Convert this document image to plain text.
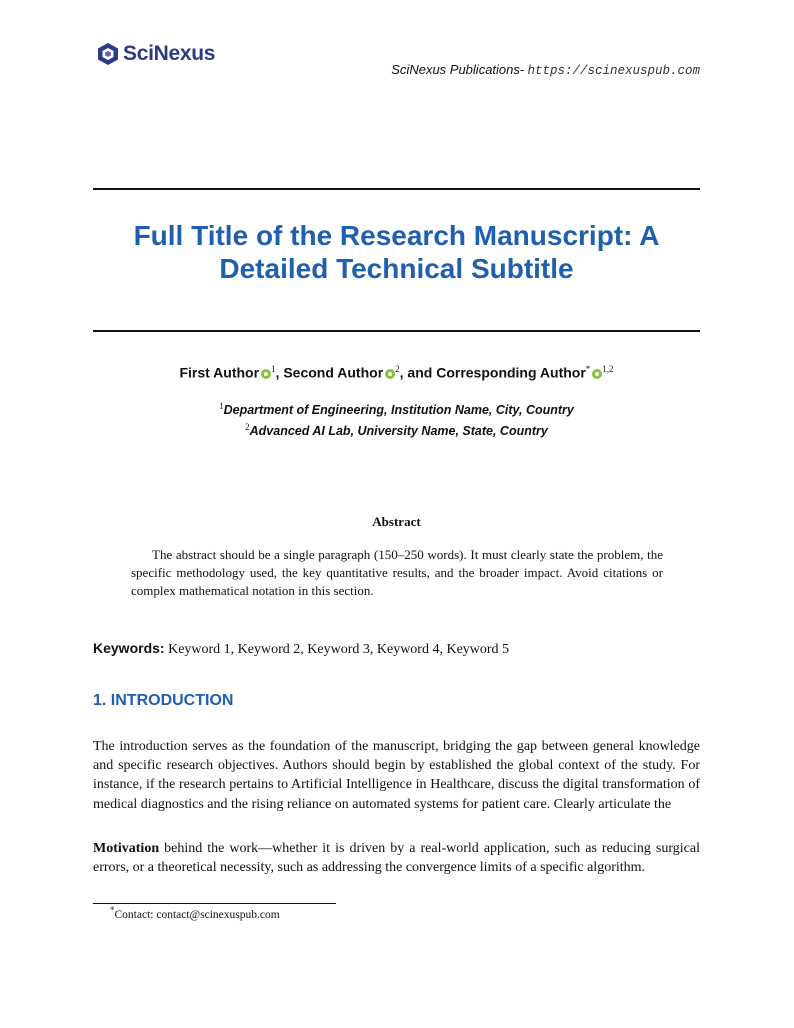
SciNexus
SciNexus Publications- https://scinexuspub.com
Full Title of the Research Manuscript: A
Detailed Technical Subtitle
First Author $^1$, Second Author $^2$, and Corresponding Author* $^{1,2}$
$^1$Department of Engineering, Institution Name, City, Country
$^2$Advanced AI Lab, University Name, State, Country
Abstract

The abstract should be a single paragraph (150–250 words). It must clearly state the problem, the specific methodology used, the key quantitative results, and the broader impact. Avoid citations or complex mathematical notation in this section.

Keywords: Keyword 1, Keyword 2, Keyword 3, Keyword 4, Keyword 5
1. INTRODUCTION

The introduction serves as the foundation of the manuscript, bridging the gap between general knowledge and specific research objectives. Authors should begin by established the global context of the study. For instance, if the research pertains to Artificial Intelligence in Healthcare, discuss the digital transformation of medical diagnostics and the rising reliance on automated systems for patient care. Clearly articulate the

Motivation behind the work—whether it is driven by a real-world application, such as reducing surgical errors, or a theoretical necessity, such as addressing the convergence limits of a specific algorithm.

*Contact: contact@scinexuspub.com
